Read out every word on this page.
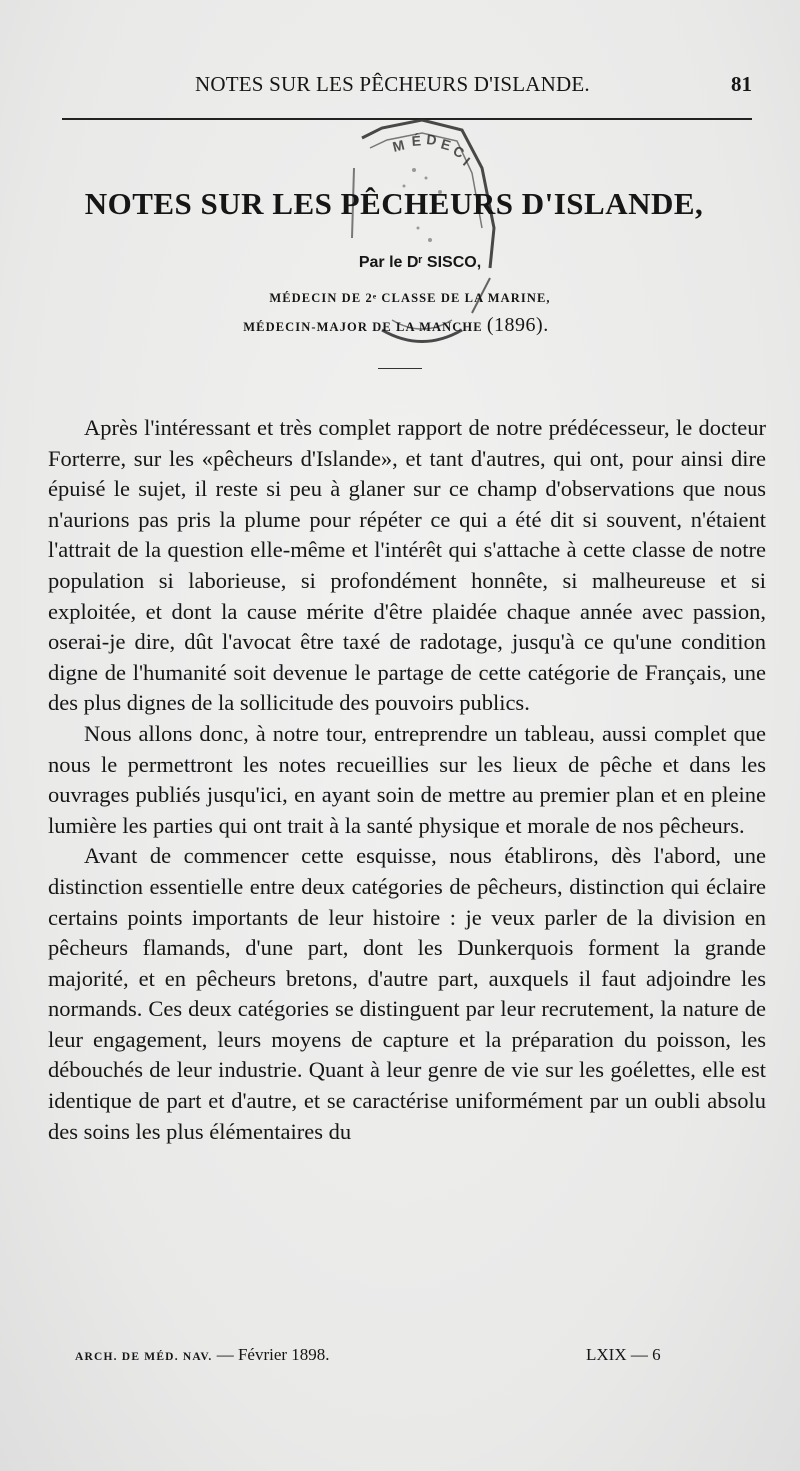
NOTES SUR LES PÊCHEURS D'ISLANDE.	81
M É D E
C
I
NOTES SUR LES PÊCHEURS D'ISLANDE,
Par le Dʳ SISCO,
MÉDECIN DE 2ᵉ CLASSE DE LA MARINE,
MÉDECIN-MAJOR DE LA MANCHE (1896).

Après l'intéressant et très complet rapport de notre prédécesseur, le docteur Forterre, sur les «pêcheurs d'Islande», et tant d'autres, qui ont, pour ainsi dire épuisé le sujet, il reste si peu à glaner sur ce champ d'observations que nous n'aurions pas pris la plume pour répéter ce qui a été dit si souvent, n'étaient l'attrait de la question elle-même et l'intérêt qui s'attache à cette classe de notre population si laborieuse, si profondément honnête, si malheureuse et si exploitée, et dont la cause mérite d'être plaidée chaque année avec passion, oserai-je dire, dût l'avocat être taxé de radotage, jusqu'à ce qu'une condition digne de l'humanité soit devenue le partage de cette catégorie de Français, une des plus dignes de la sollicitude des pouvoirs publics.

Nous allons donc, à notre tour, entreprendre un tableau, aussi complet que nous le permettront les notes recueillies sur les lieux de pêche et dans les ouvrages publiés jusqu'ici, en ayant soin de mettre au premier plan et en pleine lumière les parties qui ont trait à la santé physique et morale de nos pêcheurs.

Avant de commencer cette esquisse, nous établirons, dès l'abord, une distinction essentielle entre deux catégories de pêcheurs, distinction qui éclaire certains points importants de leur histoire : je veux parler de la division en pêcheurs flamands, d'une part, dont les Dunkerquois forment la grande majorité, et en pêcheurs bretons, d'autre part, auxquels il faut adjoindre les normands. Ces deux catégories se distinguent par leur recrutement, la nature de leur engagement, leurs moyens de capture et la préparation du poisson, les débouchés de leur industrie. Quant à leur genre de vie sur les goélettes, elle est identique de part et d'autre, et se caractérise uniformément par un oubli absolu des soins les plus élémentaires du

ARCH. DE MÉD. NAV. — Février 1898.	LXIX — 6
